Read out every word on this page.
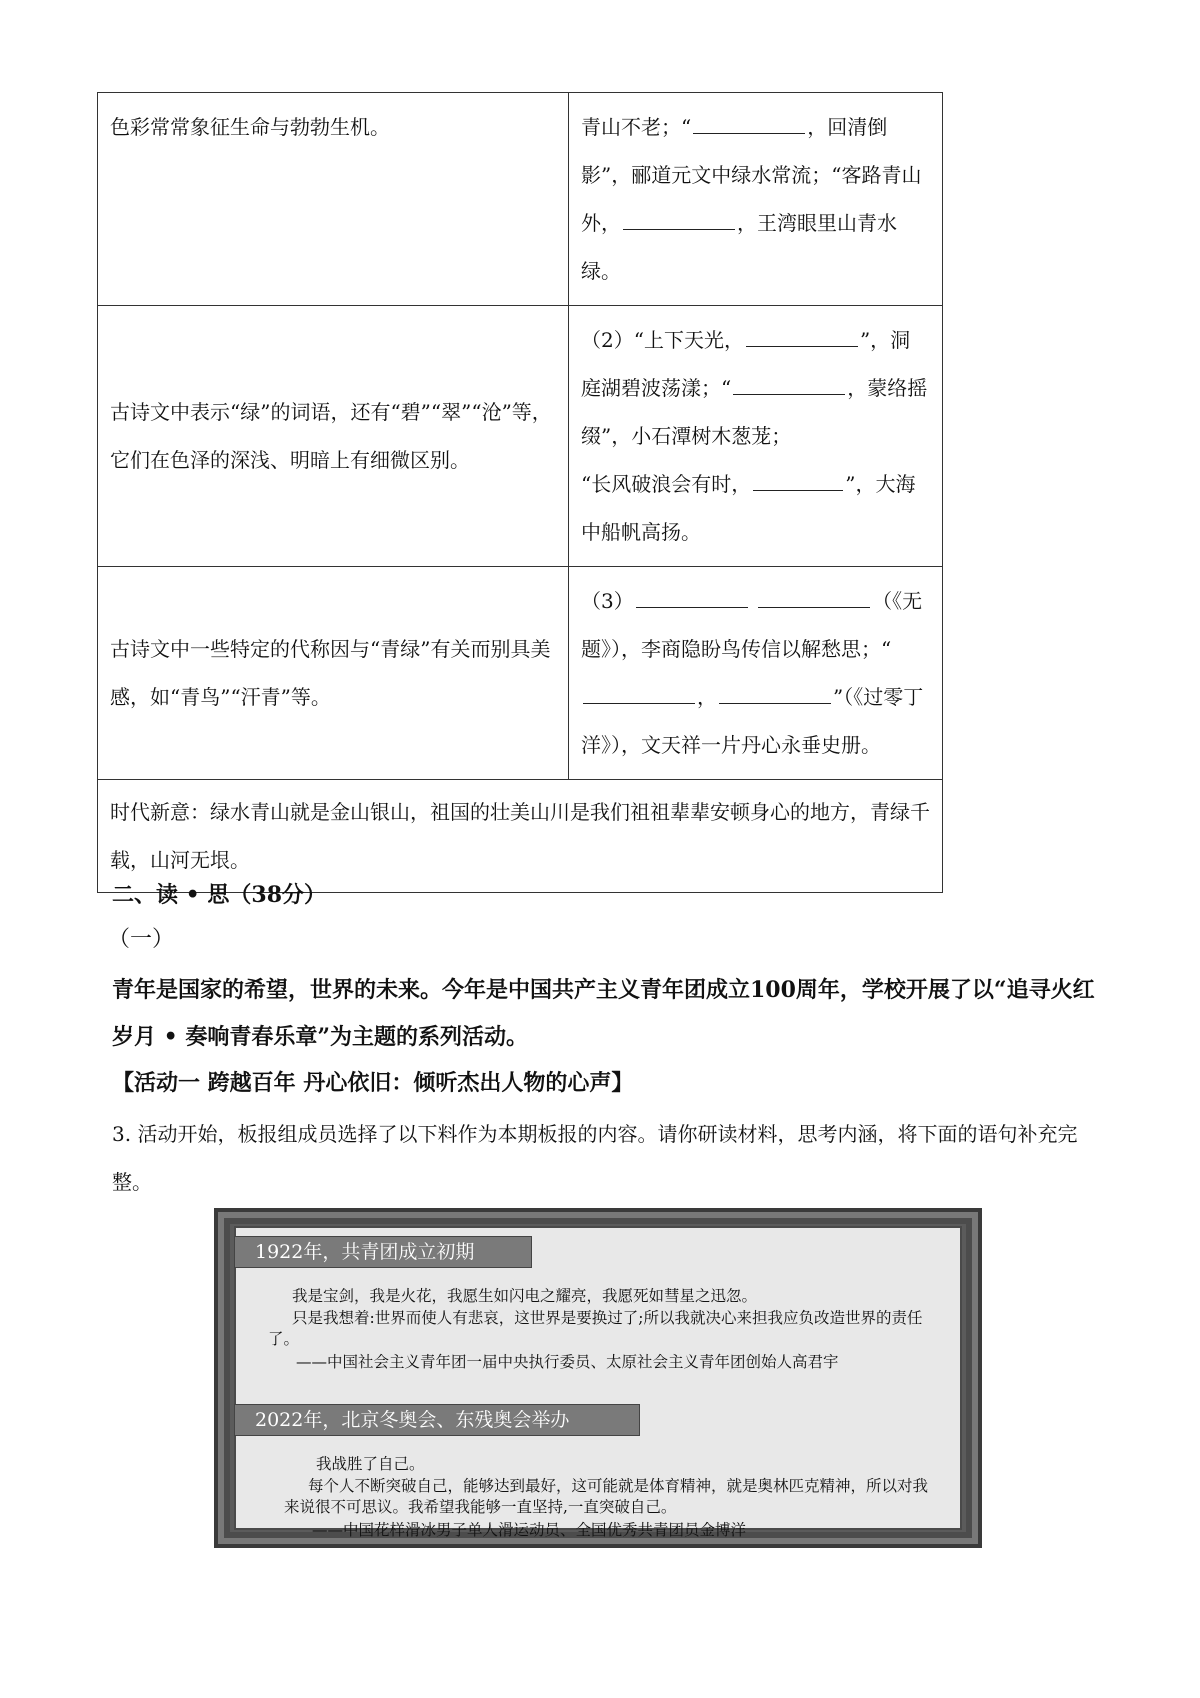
色彩常常象征生命与勃勃生机。	青山不老；“ ，回清倒影”，郦道元文中绿水常流；“客路青山外， ，王湾眼里山青水绿。
古诗文中表示“绿”的词语，还有“碧”“翠”“沧”等，它们在色泽的深浅、明暗上有细微区别。	（2）“上下天光， ”，洞庭湖碧波荡漾；“ ，蒙络摇缀”，小石潭树木葱茏；
“长风破浪会有时， ”，大海中船帆高扬。
古诗文中一些特定的代称因与“青绿”有关而别具美感，如“青鸟”“汗青”等。	（3） （《无题》），李商隐盼鸟传信以解愁思；“， ”（《过零丁洋》），文天祥一片丹心永垂史册。
时代新意：绿水青山就是金山银山，祖国的壮美山川是我们祖祖辈辈安顿身心的地方，青绿千载，山河无垠。	
二、读 • 思（38分）
（一）
青年是国家的希望，世界的未来。今年是中国共产主义青年团成立100周年，学校开展了以“追寻火红岁月 • 奏响青春乐章”为主题的系列活动。
【活动一 跨越百年 丹心依旧：倾听杰出人物的心声】
3. 活动开始，板报组成员选择了以下料作为本期板报的内容。请你研读材料，思考内涵，将下面的语句补充完整。
1922年，共青团成立初期
我是宝剑，我是火花，我愿生如闪电之耀亮，我愿死如彗星之迅忽。
只是我想着:世界而使人有悲哀，这世界是要换过了;所以我就决心来担我应负改造世界的责任了。
——中国社会主义青年团一届中央执行委员、太原社会主义青年团创始人高君宇
2022年，北京冬奥会、东残奥会举办
我战胜了自己。
每个人不断突破自己，能够达到最好，这可能就是体育精神，就是奥林匹克精神，所以对我来说很不可思议。我希望我能够一直坚持,一直突破自己。
——中国花样滑冰男子单人滑运动员、全国优秀共青团员金博洋
